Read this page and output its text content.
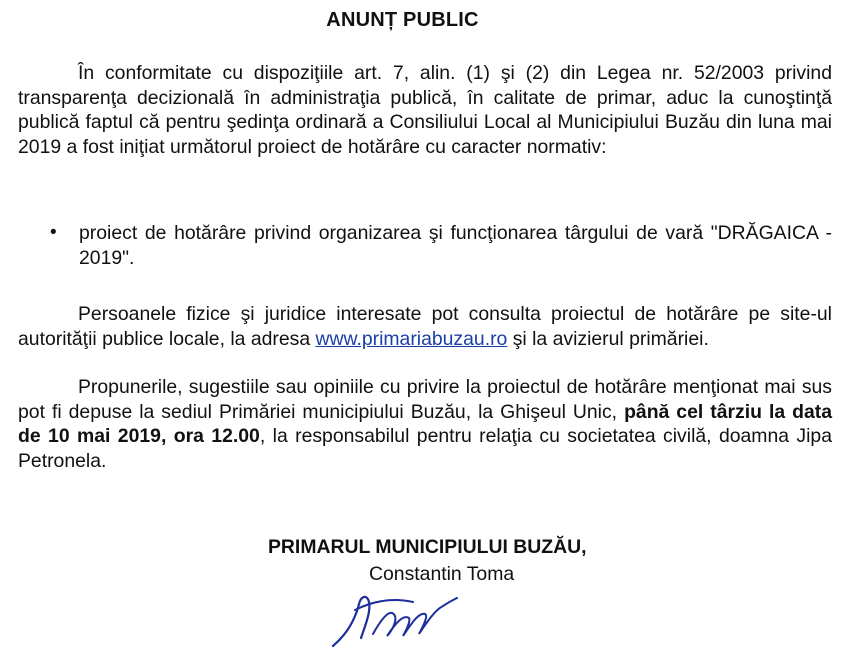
ANUNȚ PUBLIC

În conformitate cu dispoziţiile art. 7, alin. (1) şi (2) din Legea nr. 52/2003 privind transparenţa decizională în administraţia publică, în calitate de primar, aduc la cunoştinţă publică faptul că pentru şedinţa ordinară a Consiliului Local al Municipiului Buzău din luna mai 2019 a fost iniţiat următorul proiect de hotărâre cu caracter normativ:

• proiect de hotărâre privind organizarea şi funcţionarea târgului de vară "DRĂGAICA - 2019".

Persoanele fizice şi juridice interesate pot consulta proiectul de hotărâre pe site-ul autorităţii publice locale, la adresa www.primariabuzau.ro şi la avizierul primăriei.

Propunerile, sugestiile sau opiniile cu privire la proiectul de hotărâre menţionat mai sus pot fi depuse la sediul Primăriei municipiului Buzău, la Ghişeul Unic, până cel târziu la data de 10 mai 2019, ora 12.00, la responsabilul pentru relaţia cu societatea civilă, doamna Jipa Petronela.

PRIMARUL MUNICIPIULUI BUZĂU,
Constantin Toma
